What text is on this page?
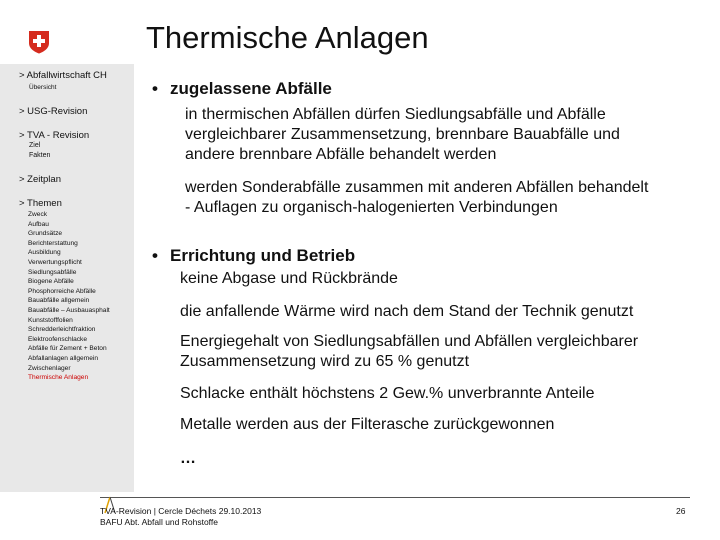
Thermische Anlagen
> Abfallwirtschaft CH
Übersicht
> USG-Revision
> TVA - Revision
Ziel
Fakten
> Zeitplan
> Themen
Zweck
Aufbau
Grundsätze
Berichterstattung
Ausbildung
Verwertungspflicht
Siedlungsabfälle
Biogene Abfälle
Phosphorreiche Abfälle
Bauabfälle allgemein
Bauabfälle – Ausbauasphalt
Kunststofffolien
Schredderleichtfraktion
Elektroofenschlacke
Abfälle für Zement + Beton
Abfallanlagen allgemein
Zwischenlager
Thermische Anlagen
• zugelassene Abfälle
in thermischen Abfällen dürfen Siedlungsabfälle und Abfälle
vergleichbarer Zusammensetzung, brennbare Bauabfälle und
andere brennbare Abfälle behandelt werden
werden Sonderabfälle zusammen mit anderen Abfällen behandelt
- Auflagen zu organisch-halogenierten Verbindungen
• Errichtung und Betrieb
keine Abgase und Rückbrände
die anfallende Wärme wird nach dem Stand der Technik genutzt
Energiegehalt von Siedlungsabfällen und Abfällen vergleichbarer
Zusammensetzung wird zu 65 % genutzt
Schlacke enthält höchstens 2 Gew.% unverbrannte Anteile
Metalle werden aus der Filterasche zurückgewonnen
…
TVA-Revision | Cercle Déchets 29.10.2013
BAFU Abt. Abfall und Rohstoffe
26
